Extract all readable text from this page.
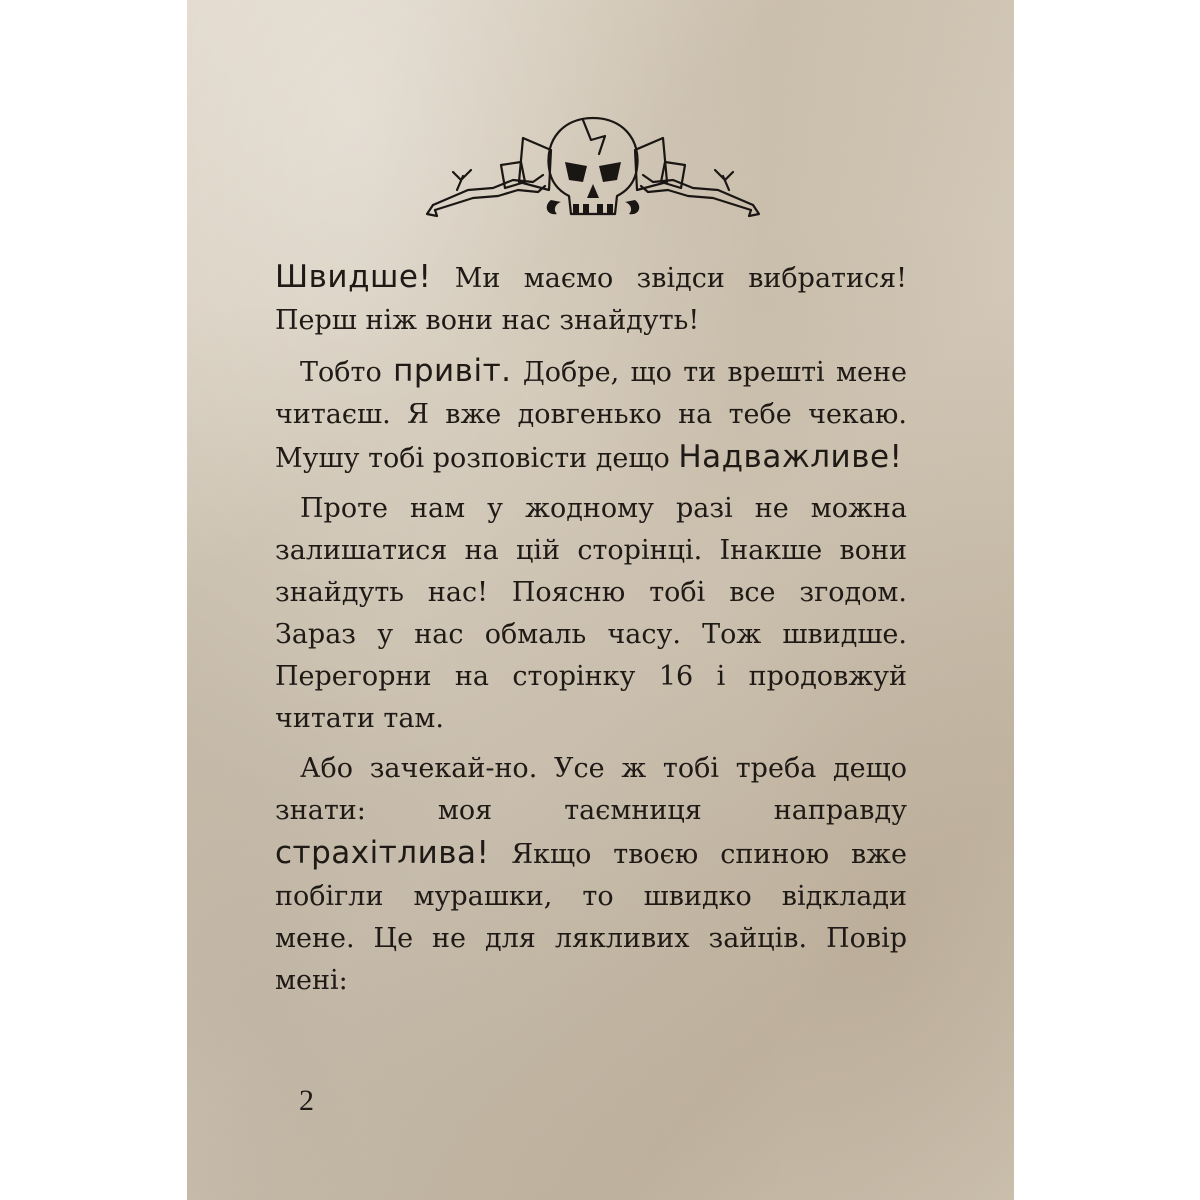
Швидше! Ми маємо звідси вибратися! Перш ніж вони нас знайдуть!

Тобто привіт. Добре, що ти врешті мене читаєш. Я вже довгенько на тебе чекаю. Мушу тобі розповісти дещо Надважливе!

Проте нам у жодному разі не можна залишатися на цій сторінці. Інакше вони знайдуть нас! Поясню тобі все згодом. Зараз у нас обмаль часу. Тож швидше. Перегорни на сторінку 16 і продовжуй читати там.

Або зачекай-но. Усе ж тобі треба дещо знати: моя таємниця направду страхітлива! Якщо твоєю спиною вже побігли мурашки, то швидко відклади мене. Це не для лякливих зайців. Повір мені:

2
